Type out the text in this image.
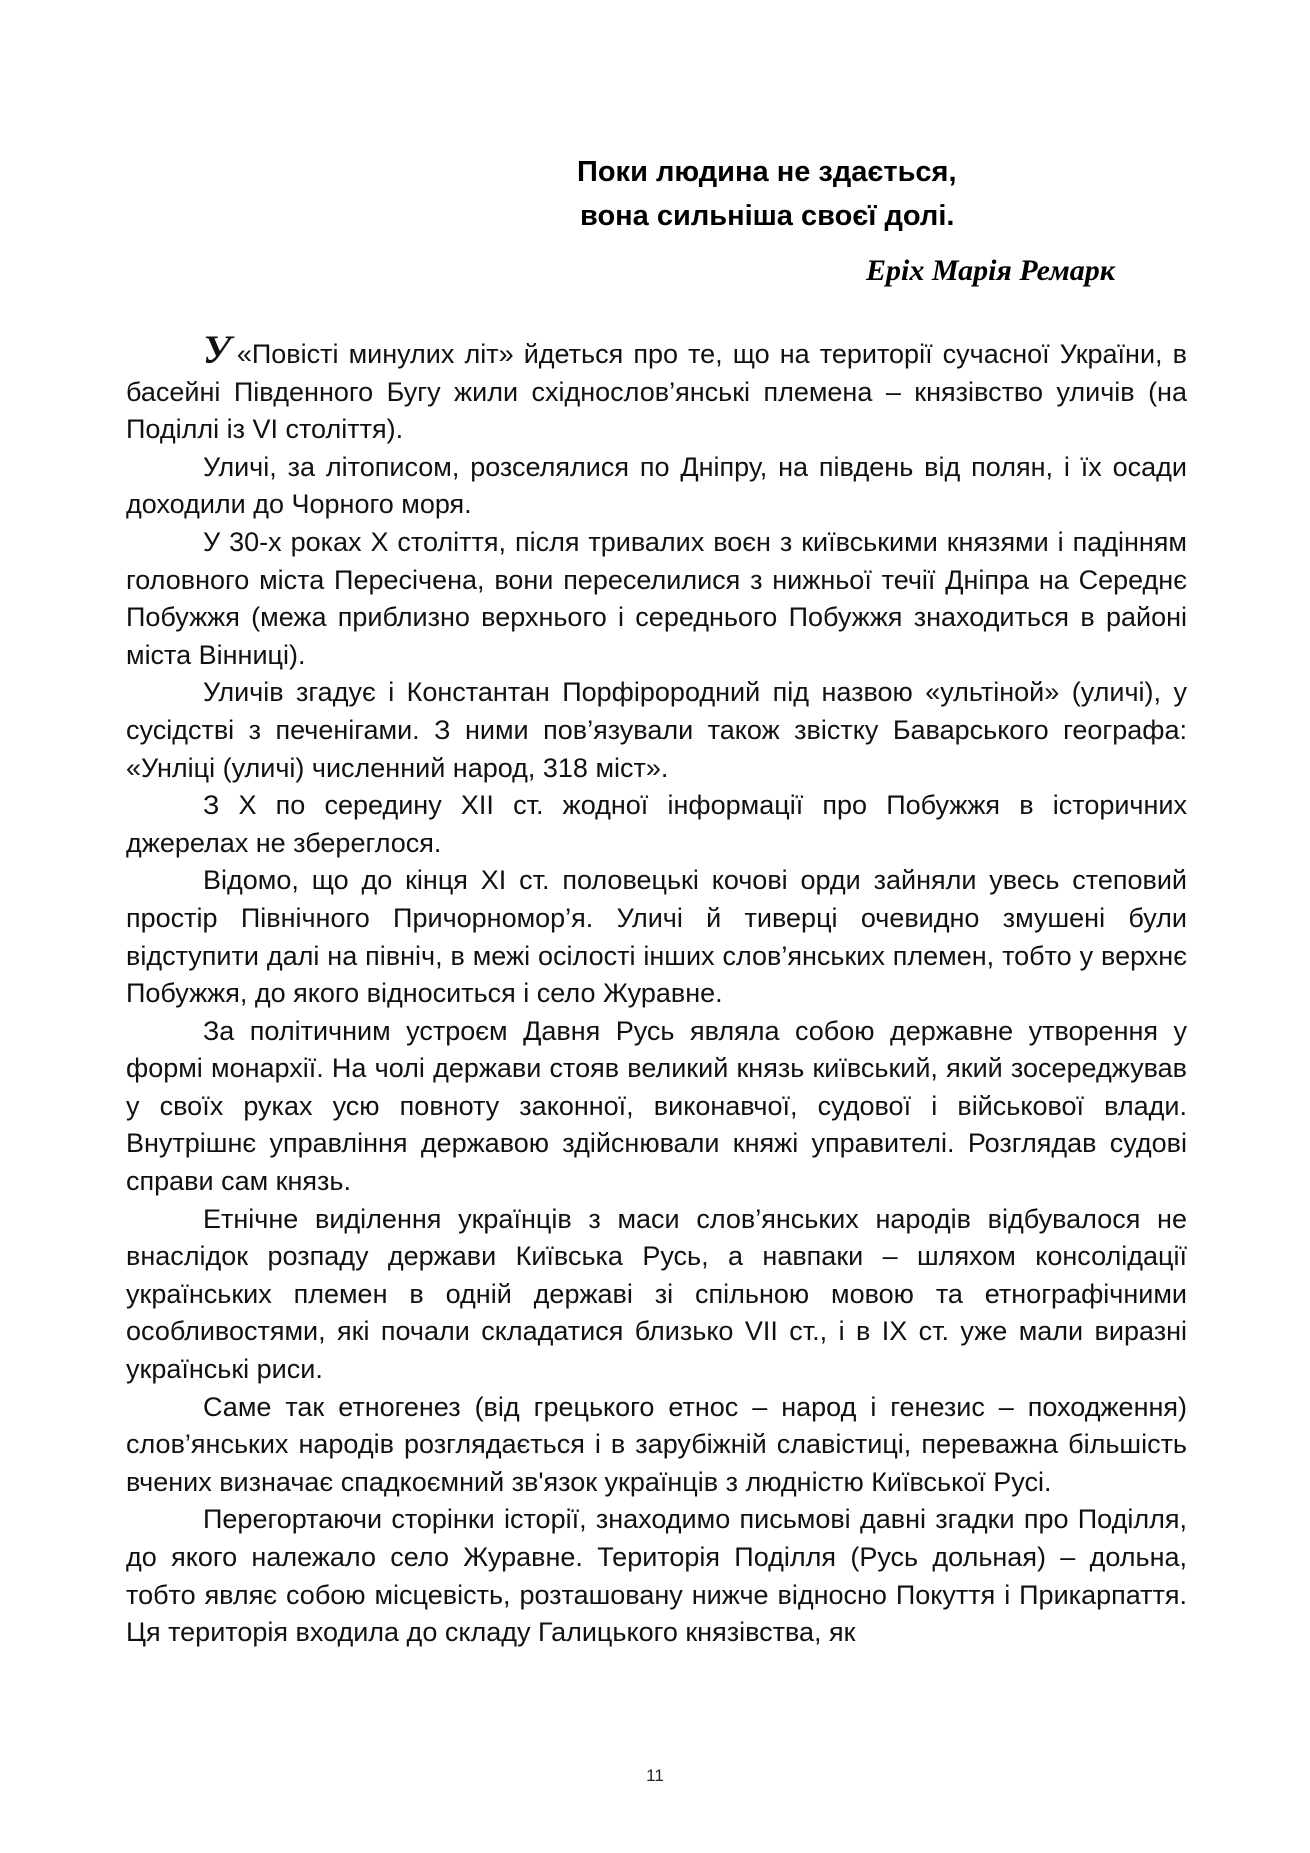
Поки людина не здається,
вона сильніша своєї долі.
Еріх Марія Ремарк

У «Повісті минулих літ» йдеться про те, що на території сучасної України, в басейні Південного Бугу жили східнослов’янські племена – князівство уличів (на Поділлі із VI століття).

Уличі, за літописом, розселялися по Дніпру, на південь від полян, і їх осади доходили до Чорного моря.

У 30-х роках X століття, після тривалих воєн з київськими князями і падінням головного міста Пересічена, вони переселилися з нижньої течії Дніпра на Середнє Побужжя (межа приблизно верхнього і середнього Побужжя знаходиться в районі міста Вінниці).

Уличів згадує і Константан Порфірородний під назвою «ультіной» (уличі), у сусідстві з печенігами. З ними пов’язували також звістку Баварського географа: «Унліці (уличі) численний народ, 318 міст».

З Х по середину XII ст. жодної інформації про Побужжя в історичних джерелах не збереглося.

Відомо, що до кінця XI ст. половецькі кочові орди зайняли увесь степовий простір Північного Причорномор’я. Уличі й тиверці очевидно змушені були відступити далі на північ, в межі осілості інших слов’янських племен, тобто у верхнє Побужжя, до якого відноситься і село Журавне.

За політичним устроєм Давня Русь являла собою державне утворення у формі монархії. На чолі держави стояв великий князь київський, який зосереджував у своїх руках усю повноту законної, виконавчої, судової і військової влади. Внутрішнє управління державою здійснювали княжі управителі. Розглядав судові справи сам князь.

Етнічне виділення українців з маси слов’янських народів відбувалося не внаслідок розпаду держави Київська Русь, а навпаки – шляхом консолідації українських племен в одній державі зі спільною мовою та етнографічними особливостями, які почали складатися близько VII ст., і в IX ст. уже мали виразні українські риси.

Саме так етногенез (від грецького етнос – народ і генезис – походження) слов’янських народів розглядається і в зарубіжній славістиці, переважна більшість вчених визначає спадкоємний зв'язок українців з людністю Київської Русі.

Перегортаючи сторінки історії, знаходимо письмові давні згадки про Поділля, до якого належало село Журавне. Територія Поділля (Русь дольная) – дольна, тобто являє собою місцевість, розташовану нижче відносно Покуття і Прикарпаття. Ця територія входила до складу Галицького князівства, як

11
